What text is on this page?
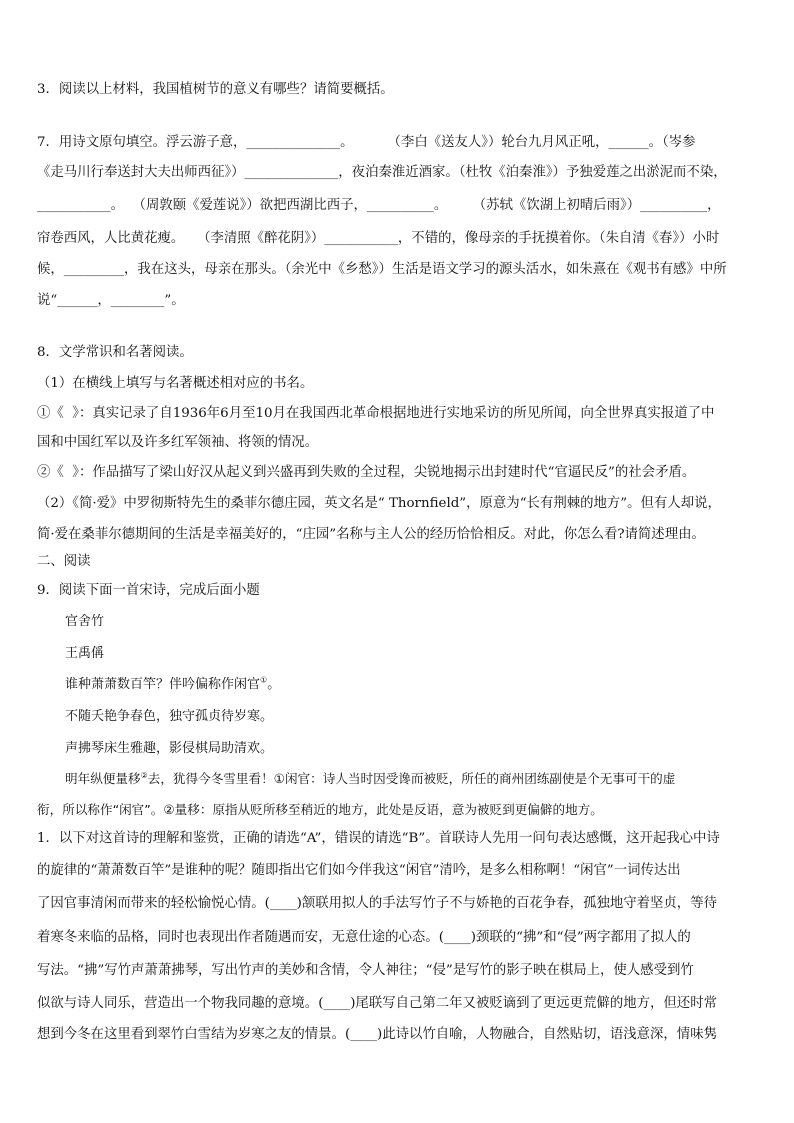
3．阅读以上材料，我国植树节的意义有哪些？请简要概括。
7．用诗文原句填空。浮云游子意，______________。        （李白《送友人》）轮台九月风正吼，______。（岑参
《走马川行奉送封大夫出师西征》）______________，夜泊秦淮近酒家。（杜牧《泊秦淮》）予独爱莲之出淤泥而不染，
___________。  （周敦颐《爱莲说》）欲把西湖比西子，__________。      （苏轼《饮湖上初晴后雨》）__________，
帘卷西风，人比黄花瘦。   （李清照《醉花阴》）___________，不错的，像母亲的手抚摸着你。（朱自清《春》）小时
候，_________，我在这头，母亲在那头。（余光中《乡愁》）生活是语文学习的源头活水，如朱熹在《观书有感》中所
说“______，________”。
8．文学常识和名著阅读。
（1）在横线上填写与名著概述相对应的书名。
①《  》：真实记录了自1936年6月至10月在我国西北革命根据地进行实地采访的所见所闻，向全世界真实报道了中
国和中国红军以及许多红军领袖、将领的情况。
②《  》：作品描写了梁山好汉从起义到兴盛再到失败的全过程，尖锐地揭示出封建时代“官逼民反”的社会矛盾。
（2）《简·爱》中罗彻斯特先生的桑菲尔德庄园，英文名是“ Thornfield”，原意为“长有荆棘的地方”。但有人却说，
简·爱在桑菲尔德期间的生活是幸福美好的，“庄园”名称与主人公的经历恰恰相反。对此，你怎么看?请简述理由。
二、阅读
9．阅读下面一首宋诗，完成后面小题
官舍竹
王禹偁
谁种萧萧数百竿？伴吟偏称作闲官①。
不随夭艳争春色，独守孤贞待岁寒。
声拂琴床生雅趣，影侵棋局助清欢。
明年纵便量移②去，犹得今冬雪里看！①闲官：诗人当时因受谗而被贬，所任的商州团练副使是个无事可干的虚
衔，所以称作“闲官”。②量移：原指从贬所移至稍近的地方，此处是反语，意为被贬到更偏僻的地方。
1．以下对这首诗的理解和鉴赏，正确的请选“A”，错误的请选“B”。首联诗人先用一问句表达感慨，这开起我心中诗
的旋律的“萧萧数百竿”是谁种的呢？随即指出它们如今伴我这“闲官”清吟，是多么相称啊！“闲官”一词传达出
了因官事清闲而带来的轻松愉悦心情。(____)颔联用拟人的手法写竹子不与娇艳的百花争春，孤独地守着坚贞，等待
着寒冬来临的品格，同时也表现出作者随遇而安，无意仕途的心态。(____)颈联的“拂”和“侵”两字都用了拟人的
写法。“拂”写竹声萧萧拂琴，写出竹声的美妙和含情，令人神往；“侵”是写竹的影子映在棋局上，使人感受到竹
似欲与诗人同乐，营造出一个物我同趣的意境。(____)尾联写自己第二年又被贬谪到了更远更荒僻的地方，但还时常
想到今冬在这里看到翠竹白雪结为岁寒之友的情景。(____)此诗以竹自喻，人物融合，自然贴切，语浅意深，情味隽
